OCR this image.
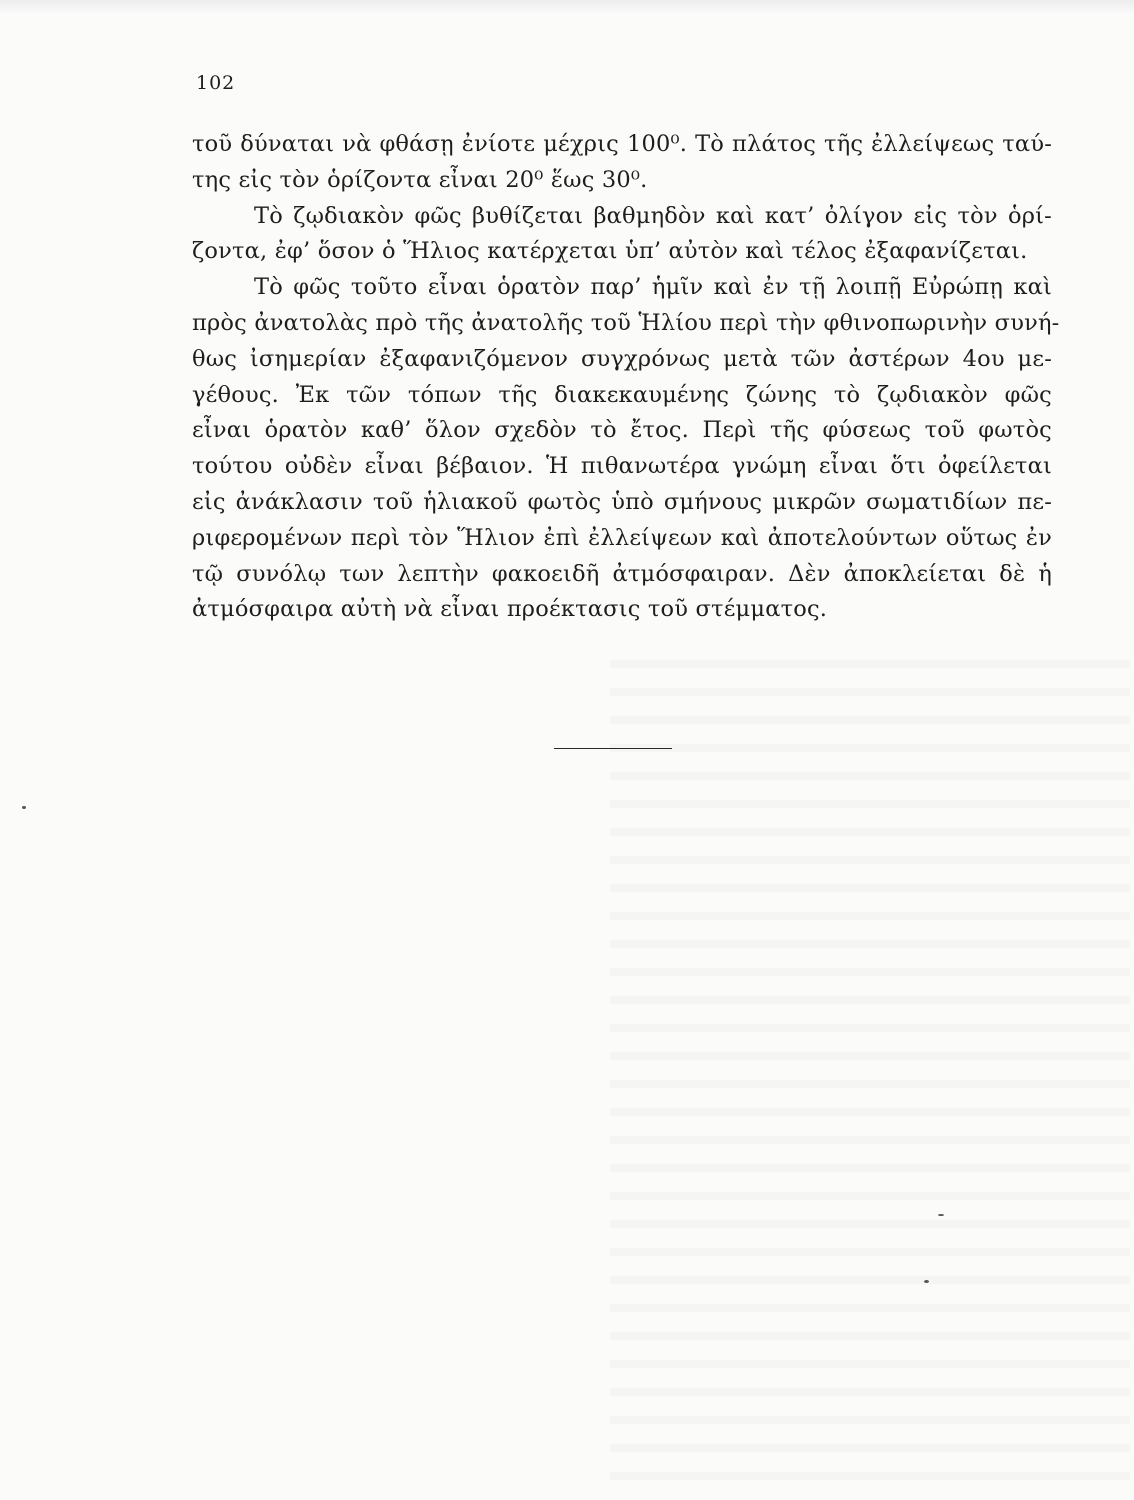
102
τοῦ δύναται νὰ φθάσῃ ἐνίοτε μέχρις 100⁰. Τὸ πλάτος τῆς ἐλλείψεως ταύ-
της εἰς τὸν ὁρίζοντα εἶναι 20⁰ ἕως 30⁰.
Τὸ ζῳδιακὸν φῶς βυθίζεται βαθμηδὸν καὶ κατ’ ὀλίγον εἰς τὸν ὁρί-
ζοντα, ἐφ’ ὅσον ὁ Ἥλιος κατέρχεται ὑπ’ αὐτὸν καὶ τέλος ἐξαφανίζεται.
Τὸ φῶς τοῦτο εἶναι ὁρατὸν παρ’ ἡμῖν καὶ ἐν τῇ λοιπῇ Εὐρώπῃ καὶ
πρὸς ἀνατολὰς πρὸ τῆς ἀνατολῆς τοῦ Ἡλίου περὶ τὴν φθινοπωρινὴν συνή-
θως ἰσημερίαν ἐξαφανιζόμενον συγχρόνως μετὰ τῶν ἀστέρων 4ου με-
γέθους. Ἐκ τῶν τόπων τῆς διακεκαυμένης ζώνης τὸ ζῳδιακὸν φῶς
εἶναι ὁρατὸν καθ’ ὅλον σχεδὸν τὸ ἔτος. Περὶ τῆς φύσεως τοῦ φωτὸς
τούτου οὐδὲν εἶναι βέβαιον. Ἡ πιθανωτέρα γνώμη εἶναι ὅτι ὀφείλεται
εἰς ἀνάκλασιν τοῦ ἡλιακοῦ φωτὸς ὑπὸ σμήνους μικρῶν σωματιδίων πε-
ριφερομένων περὶ τὸν Ἥλιον ἐπὶ ἐλλείψεων καὶ ἀποτελούντων οὕτως ἐν
τῷ συνόλῳ των λεπτὴν φακοειδῆ ἀτμόσφαιραν. Δὲν ἀποκλείεται δὲ ἡ
ἀτμόσφαιρα αὐτὴ νὰ εἶναι προέκτασις τοῦ στέμματος.
